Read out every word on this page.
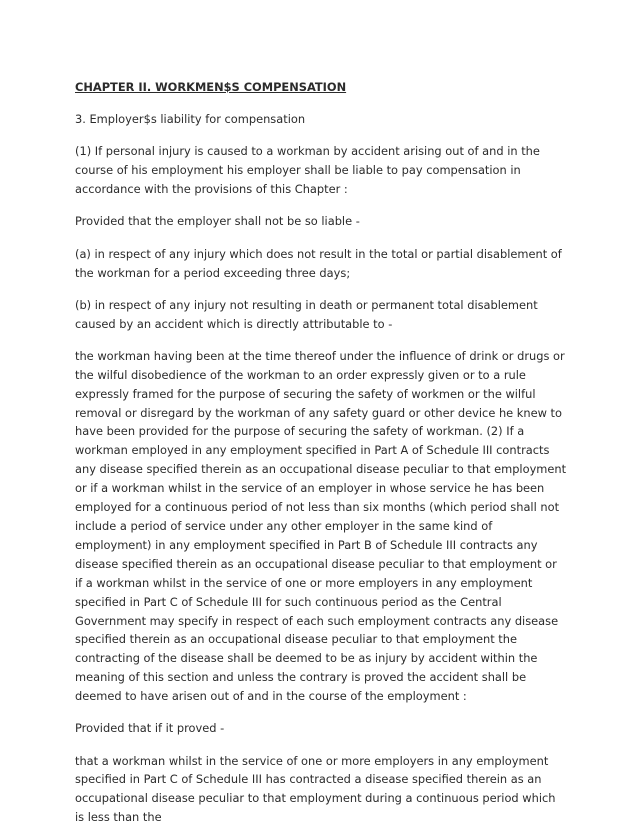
CHAPTER II. WORKMEN$S COMPENSATION

3. Employer$s liability for compensation

(1) If personal injury is caused to a workman by accident arising out of and in the course of his employment his employer shall be liable to pay compensation in accordance with the provisions of this Chapter :

Provided that the employer shall not be so liable -

(a) in respect of any injury which does not result in the total or partial disablement of the workman for a period exceeding three days;

(b) in respect of any injury not resulting in death or permanent total disablement caused by an accident which is directly attributable to -

the workman having been at the time thereof under the influence of drink or drugs or the wilful disobedience of the workman to an order expressly given or to a rule expressly framed for the purpose of securing the safety of workmen or the wilful removal or disregard by the workman of any safety guard or other device he knew to have been provided for the purpose of securing the safety of workman. (2) If a workman employed in any employment specified in Part A of Schedule III contracts any disease specified therein as an occupational disease peculiar to that employment or if a workman whilst in the service of an employer in whose service he has been employed for a continuous period of not less than six months (which period shall not include a period of service under any other employer in the same kind of employment) in any employment specified in Part B of Schedule III contracts any disease specified therein as an occupational disease peculiar to that employment or if a workman whilst in the service of one or more employers in any employment specified in Part C of Schedule III for such continuous period as the Central Government may specify in respect of each such employment contracts any disease specified therein as an occupational disease peculiar to that employment the contracting of the disease shall be deemed to be as injury by accident within the meaning of this section and unless the contrary is proved the accident shall be deemed to have arisen out of and in the course of the employment :

Provided that if it proved -

that a workman whilst in the service of one or more employers in any employment specified in Part C of Schedule III has contracted a disease specified therein as an occupational disease peculiar to that employment during a continuous period which is less than the
